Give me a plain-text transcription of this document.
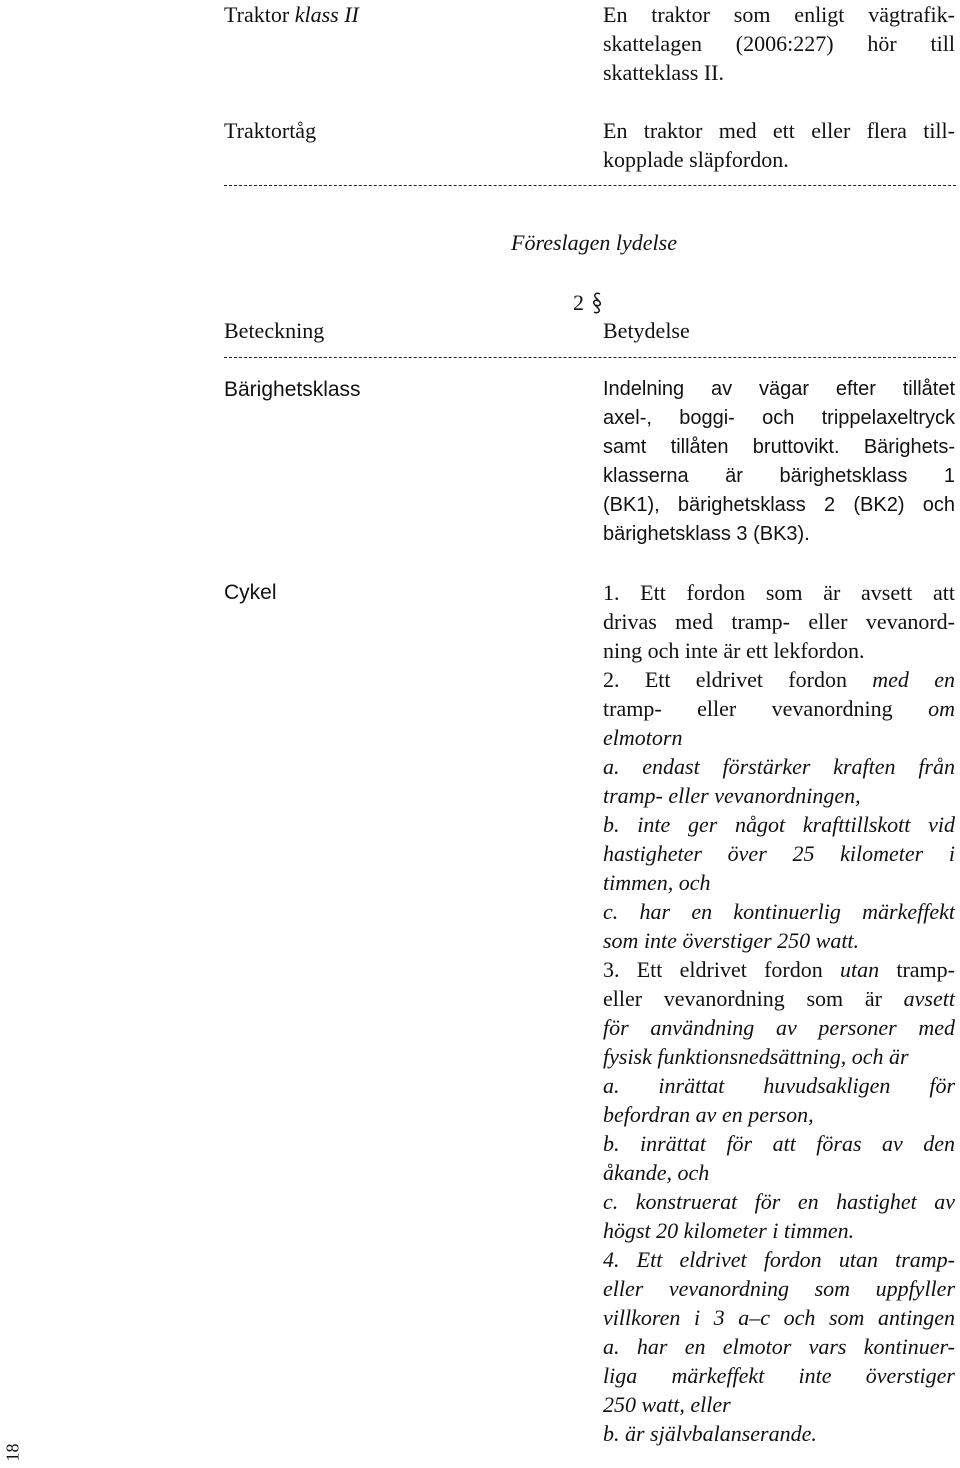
Traktor klass II	En traktor som enligt vägtrafik-
skattelagen (2006:227) hör till
skatteklass II.
Traktortåg	En traktor med ett eller flera till-
kopplade släpfordon.
Föreslagen lydelse
2
Beteckning	Betydelse
Bärighetsklass	Indelning av vägar efter tillåtet
axel-, boggi- och trippelaxeltryck
samt tillåten bruttovikt. Bärighets-
klasserna är bärighetsklass 1
(BK1), bärighetsklass 2 (BK2) och
bärighetsklass 3 (BK3).
Cykel	1. Ett fordon som är avsett att
drivas med tramp- eller vevanord-
ning och inte är ett lekfordon.
2. Ett eldrivet fordon med en
tramp- eller vevanordning om
elmotorn
a. endast förstärker kraften från
tramp- eller vevanordningen,
b. inte ger något krafttillskott vid
hastigheter över 25 kilometer i
timmen, och
c. har en kontinuerlig märkeffekt
som inte överstiger 250 watt.
3. Ett eldrivet fordon utan tramp-
eller vevanordning som är avsett
för användning av personer med
fysisk funktionsnedsättning, och är
a. inrättat huvudsakligen för
befordran av en person,
b. inrättat för att föras av den
åkande, och
c. konstruerat för en hastighet av
högst 20 kilometer i timmen.
4. Ett eldrivet fordon utan tramp-
eller vevanordning som uppfyller
villkoren i 3 a–c och som antingen
a. har en elmotor vars kontinuer-
liga märkeffekt inte överstiger
250 watt, eller
b. är självbalanserande.
18
